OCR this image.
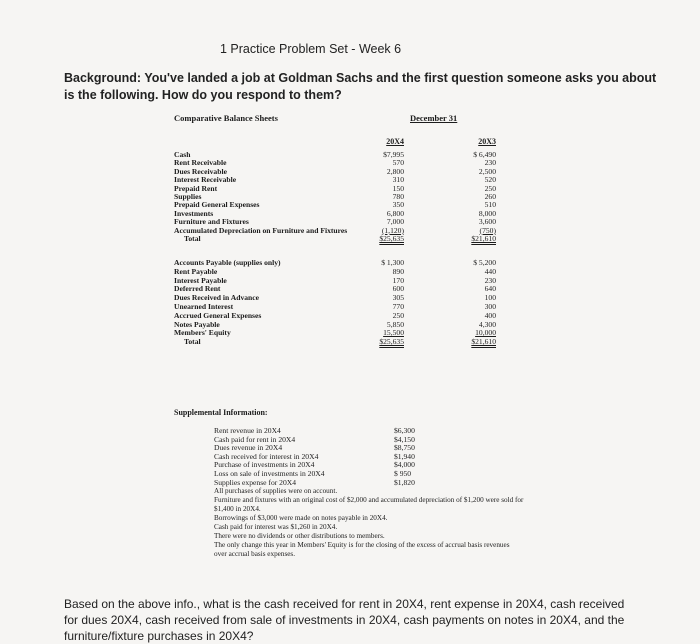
1 Practice Problem Set - Week 6
Background: You've landed a job at Goldman Sachs and the first question someone asks you about is the following. How do you respond to them?
Comparative Balance Sheets	December 31
20X4	20X3
Cash	$7,995	$ 6,490
Rent Receivable	570	230
Dues Receivable	2,800	2,500
Interest Receivable	310	520
Prepaid Rent	150	250
Supplies	780	260
Prepaid General Expenses	350	510
Investments	6,800	8,000
Furniture and Fixtures	7,000	3,600
Accumulated Depreciation on Furniture and Fixtures	(1,120)	(750)
Total	$25,635	$21,610
Accounts Payable (supplies only)	$ 1,300	$ 5,200
Rent Payable	890	440
Interest Payable	170	230
Deferred Rent	600	640
Dues Received in Advance	305	100
Unearned Interest	770	300
Accrued General Expenses	250	400
Notes Payable	5,850	4,300
Members' Equity	15,500	10,000
Total	$25,635	$21,610
Supplemental Information:
Rent revenue in 20X4	$6,300
Cash paid for rent in 20X4	$4,150
Dues revenue in 20X4	$8,750
Cash received for interest in 20X4	$1,940
Purchase of investments in 20X4	$4,000
Loss on sale of investments in 20X4	$ 950
Supplies expense for 20X4	$1,820
All purchases of supplies were on account.
Furniture and fixtures with an original cost of $2,000 and accumulated depreciation of $1,200 were sold for $1,400 in 20X4.
Borrowings of $3,000 were made on notes payable in 20X4.
Cash paid for interest was $1,260 in 20X4.
There were no dividends or other distributions to members.
The only change this year in Members' Equity is for the closing of the excess of accrual basis revenues over accrual basis expenses.
Based on the above info., what is the cash received for rent in 20X4, rent expense in 20X4, cash received for dues 20X4, cash received from sale of investments in 20X4, cash payments on notes in 20X4, and the furniture/fixture purchases in 20X4?
